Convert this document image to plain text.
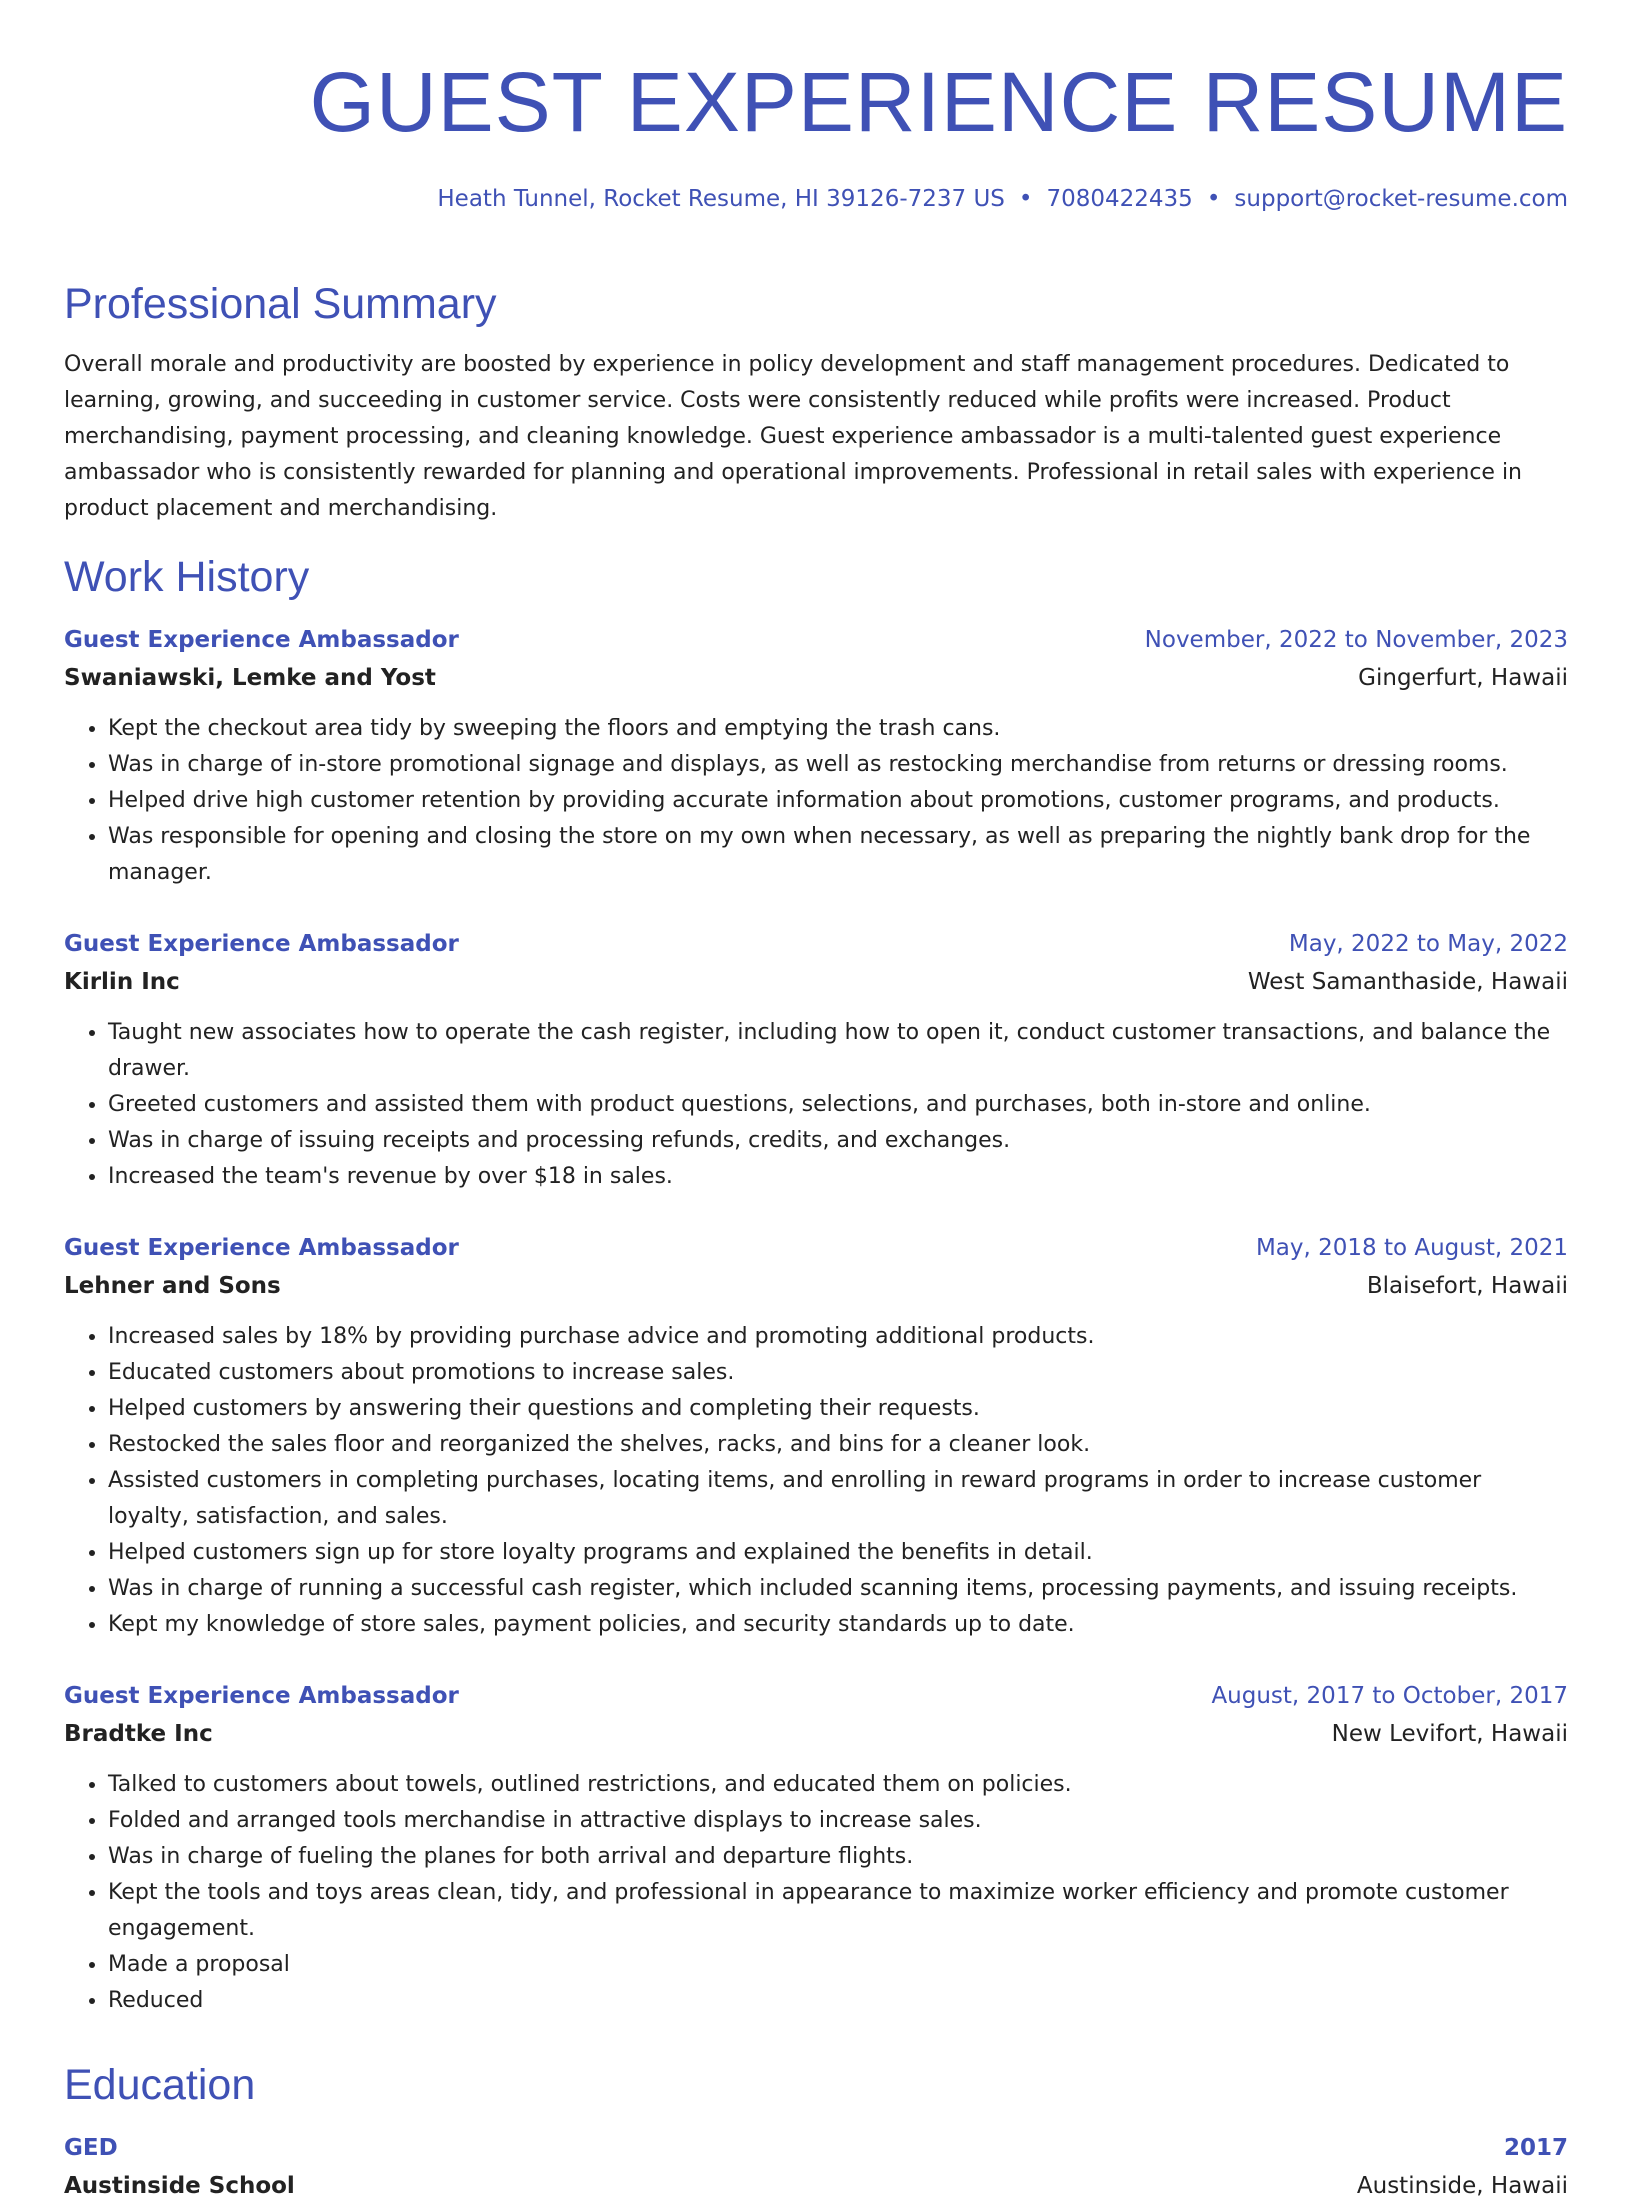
GUEST EXPERIENCE RESUME
Heath Tunnel, Rocket Resume, HI 39126-7237 US • 7080422435 • support@rocket-resume.com
Professional Summary

Overall morale and productivity are boosted by experience in policy development and staff management procedures. Dedicated to learning, growing, and succeeding in customer service. Costs were consistently reduced while profits were increased. Product merchandising, payment processing, and cleaning knowledge. Guest experience ambassador is a multi-talented guest experience ambassador who is consistently rewarded for planning and operational improvements. Professional in retail sales with experience in product placement and merchandising.

Work History
Guest Experience Ambassador	November, 2022 to November, 2023
Swaniawski, Lemke and Yost	Gingerfurt, Hawaii
• Kept the checkout area tidy by sweeping the floors and emptying the trash cans.
• Was in charge of in-store promotional signage and displays, as well as restocking merchandise from returns or dressing rooms.
• Helped drive high customer retention by providing accurate information about promotions, customer programs, and products.
• Was responsible for opening and closing the store on my own when necessary, as well as preparing the nightly bank drop for the manager.
Guest Experience Ambassador	May, 2022 to May, 2022
Kirlin Inc	West Samanthaside, Hawaii
• Taught new associates how to operate the cash register, including how to open it, conduct customer transactions, and balance the drawer.
• Greeted customers and assisted them with product questions, selections, and purchases, both in-store and online.
• Was in charge of issuing receipts and processing refunds, credits, and exchanges.
• Increased the team's revenue by over $18 in sales.
Guest Experience Ambassador	May, 2018 to August, 2021
Lehner and Sons	Blaisefort, Hawaii
• Increased sales by 18% by providing purchase advice and promoting additional products.
• Educated customers about promotions to increase sales.
• Helped customers by answering their questions and completing their requests.
• Restocked the sales floor and reorganized the shelves, racks, and bins for a cleaner look.
• Assisted customers in completing purchases, locating items, and enrolling in reward programs in order to increase customer loyalty, satisfaction, and sales.
• Helped customers sign up for store loyalty programs and explained the benefits in detail.
• Was in charge of running a successful cash register, which included scanning items, processing payments, and issuing receipts.
• Kept my knowledge of store sales, payment policies, and security standards up to date.
Guest Experience Ambassador	August, 2017 to October, 2017
Bradtke Inc	New Levifort, Hawaii
• Talked to customers about towels, outlined restrictions, and educated them on policies.
• Folded and arranged tools merchandise in attractive displays to increase sales.
• Was in charge of fueling the planes for both arrival and departure flights.
• Kept the tools and toys areas clean, tidy, and professional in appearance to maximize worker efficiency and promote customer engagement.
• Made a proposal
• Reduced
Education
GED	2017
Austinside School	Austinside, Hawaii
